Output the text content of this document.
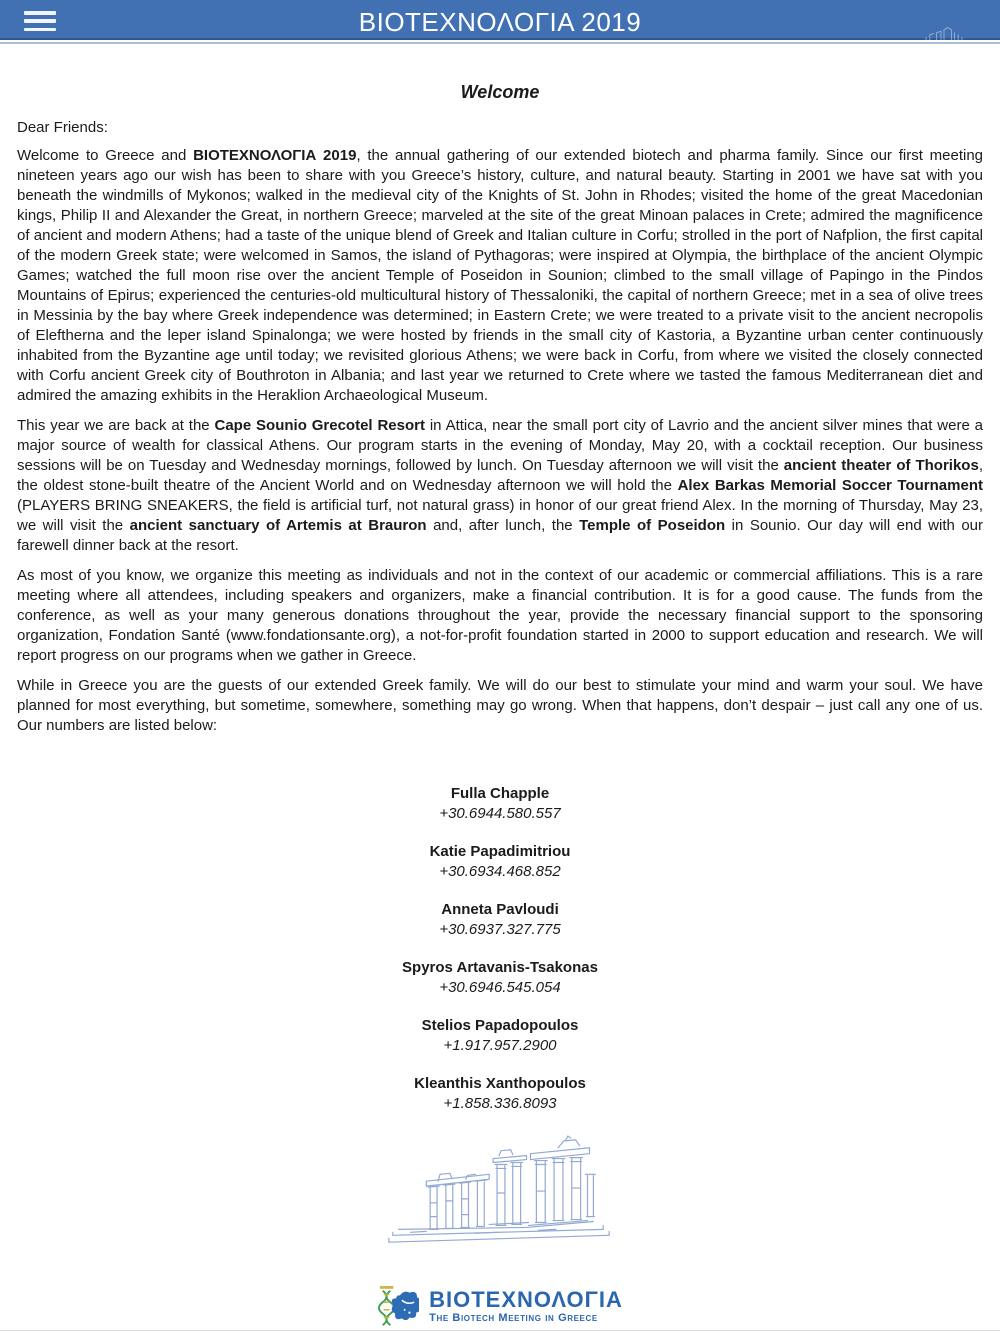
ΒΙΟΤΕΧΝΟΛΟΓΙΑ 2019
Welcome
Dear Friends:

Welcome to Greece and ΒΙΟΤΕΧΝΟΛΟΓΙΑ 2019, the annual gathering of our extended biotech and pharma family. Since our first meeting nineteen years ago our wish has been to share with you Greece’s history, culture, and natural beauty. Starting in 2001 we have sat with you beneath the windmills of Mykonos; walked in the medieval city of the Knights of St. John in Rhodes; visited the home of the great Macedonian kings, Philip II and Alexander the Great, in northern Greece; marveled at the site of the great Minoan palaces in Crete; admired the magnificence of ancient and modern Athens; had a taste of the unique blend of Greek and Italian culture in Corfu; strolled in the port of Nafplion, the first capital of the modern Greek state; were welcomed in Samos, the island of Pythagoras; were inspired at Olympia, the birthplace of the ancient Olympic Games; watched the full moon rise over the ancient Temple of Poseidon in Sounion; climbed to the small village of Papingo in the Pindos Mountains of Epirus; experienced the centuries-old multicultural history of Thessaloniki, the capital of northern Greece; met in a sea of olive trees in Messinia by the bay where Greek independence was determined; in Eastern Crete; we were treated to a private visit to the ancient necropolis of Eleftherna and the leper island Spinalonga; we were hosted by friends in the small city of Kastoria, a Byzantine urban center continuously inhabited from the Byzantine age until today; we revisited glorious Athens; we were back in Corfu, from where we visited the closely connected with Corfu ancient Greek city of Bouthroton in Albania; and last year we returned to Crete where we tasted the famous Mediterranean diet and admired the amazing exhibits in the Heraklion Archaeological Museum.

This year we are back at the Cape Sounio Grecotel Resort in Attica, near the small port city of Lavrio and the ancient silver mines that were a major source of wealth for classical Athens. Our program starts in the evening of Monday, May 20, with a cocktail reception. Our business sessions will be on Tuesday and Wednesday mornings, followed by lunch. On Tuesday afternoon we will visit the ancient theater of Thorikos, the oldest stone-built theatre of the Ancient World and on Wednesday afternoon we will hold the Alex Barkas Memorial Soccer Tournament (PLAYERS BRING SNEAKERS, the field is artificial turf, not natural grass) in honor of our great friend Alex. In the morning of Thursday, May 23, we will visit the ancient sanctuary of Artemis at Brauron and, after lunch, the Temple of Poseidon in Sounio. Our day will end with our farewell dinner back at the resort.

As most of you know, we organize this meeting as individuals and not in the context of our academic or commercial affiliations. This is a rare meeting where all attendees, including speakers and organizers, make a financial contribution. It is for a good cause. The funds from the conference, as well as your many generous donations throughout the year, provide the necessary financial support to the sponsoring organization, Fondation Santé (www.fondationsante.org), a not-for-profit foundation started in 2000 to support education and research. We will report progress on our programs when we gather in Greece.

While in Greece you are the guests of our extended Greek family. We will do our best to stimulate your mind and warm your soul. We have planned for most everything, but sometime, somewhere, something may go wrong. When that happens, don’t despair – just call any one of us. Our numbers are listed below:

Fulla Chapple
+30.6944.580.557
Katie Papadimitriou
+30.6934.468.852
Anneta Pavloudi
+30.6937.327.775
Spyros Artavanis-Tsakonas
+30.6946.545.054
Stelios Papadopoulos
+1.917.957.2900
Kleanthis Xanthopoulos
+1.858.336.8093
ΒΙΟΤΕΧΝΟΛΟΓΙΑ
The Biotech Meeting in Greece
